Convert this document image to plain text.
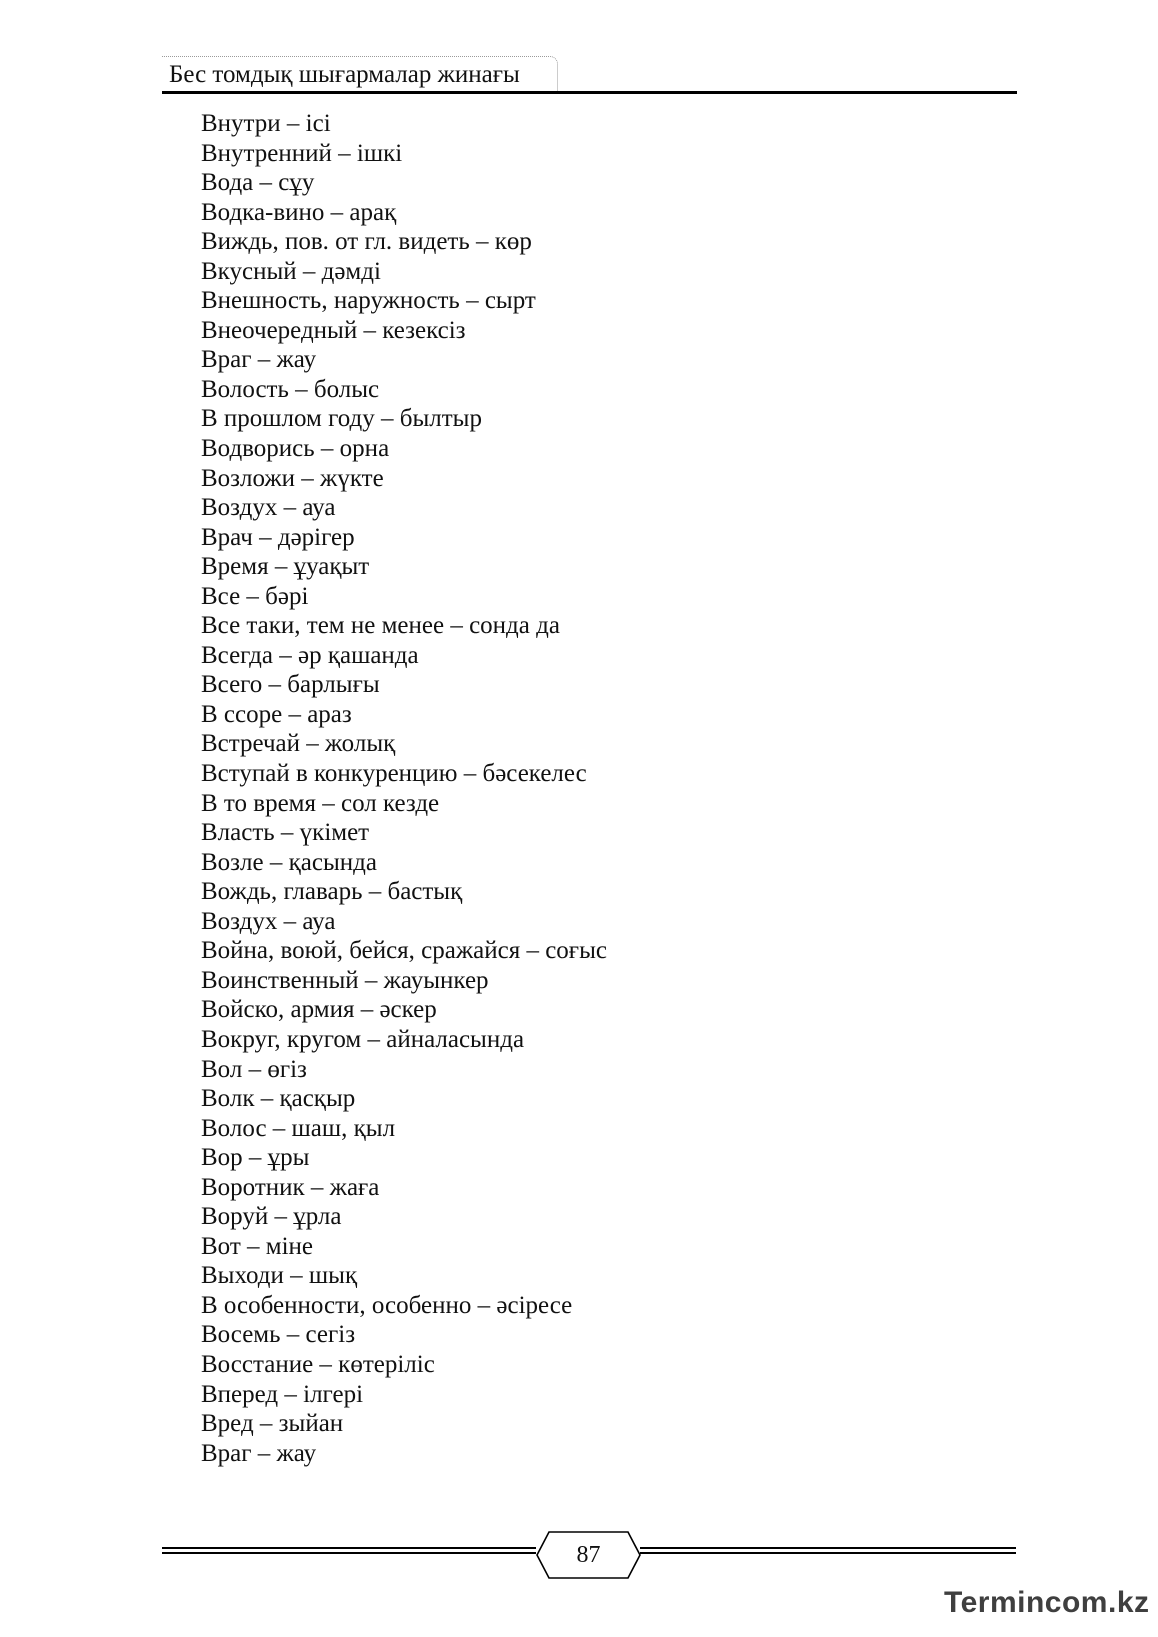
Бес томдық шығармалар жинағы
Внутри – ісі
Внутренний – ішкі
Вода – сұу
Водка-вино – арақ
Виждь, пов. от гл. видеть – көр
Вкусный – дәмді
Внешность, наружность – сырт
Внеочередный – кезексіз
Враг – жау
Волость – болыс
В прошлом году – былтыр
Водворись – орна
Возложи – жүкте
Воздух – ауа
Врач – дәрігер
Время – ұуақыт
Все – бәрі
Все таки, тем не менее – сонда да
Всегда – әр қашанда
Всего – барлығы
В ссоре – араз
Встречай – жолық
Вступай в конкуренцию – бәсекелес
В то время – сол кезде
Власть – үкімет
Возле – қасында
Вождь, главарь – бастық
Воздух – ауа
Война, воюй, бейся, сражайся – соғыс
Воинственный – жауынкер
Войско, армия – әскер
Вокруг, кругом – айналасында
Вол – өгіз
Волк – қасқыр
Волос – шаш, қыл
Вор – ұры
Воротник – жаға
Воруй – ұрла
Вот – міне
Выходи – шық
В особенности, особенно – әсіресе
Восемь – сегіз
Восстание – көтеріліс
Вперед – ілгері
Вред – зыйан
Враг – жау
87
Termincom.kz
